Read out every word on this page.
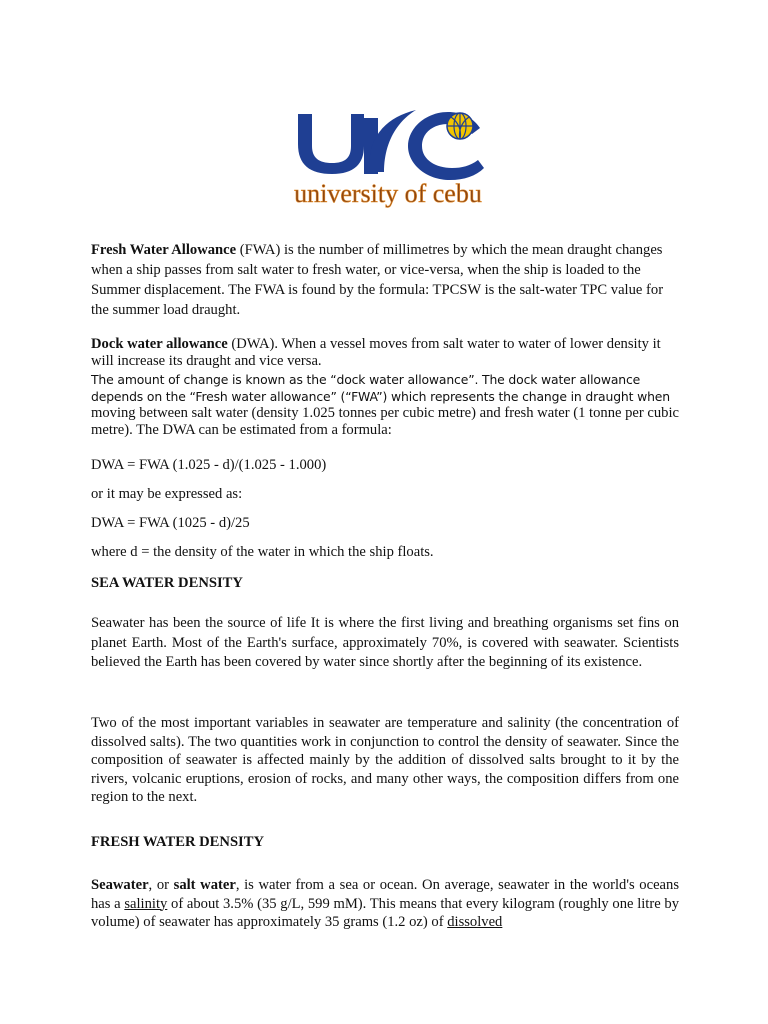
university of cebu

Fresh Water Allowance (FWA) is the number of millimetres by which the mean draught changes when a ship passes from salt water to fresh water, or vice-versa, when the ship is loaded to the Summer displacement. The FWA is found by the formula: TPCSW is the salt-water TPC value for the summer load draught.

Dock water allowance (DWA). When a vessel moves from salt water to water of lower density it will increase its draught and vice versa.

The amount of change is known as the “dock water allowance”. The dock water allowance depends on the “Fresh water allowance” (“FWA”) which represents the change in draught when

moving between salt water (density 1.025 tonnes per cubic metre) and fresh water (1 tonne per cubic metre). The DWA can be estimated from a formula:

DWA = FWA (1.025 - d)/(1.025 - 1.000)

or it may be expressed as:

DWA = FWA (1025 - d)/25

where d = the density of the water in which the ship floats.

SEA WATER DENSITY

Seawater has been the source of life It is where the first living and breathing organisms set fins on planet Earth. Most of the Earth's surface, approximately 70%, is covered with seawater. Scientists believed the Earth has been covered by water since shortly after the beginning of its existence.

Two of the most important variables in seawater are temperature and salinity (the concentration of dissolved salts). The two quantities work in conjunction to control the density of seawater. Since the composition of seawater is affected mainly by the addition of dissolved salts brought to it by the rivers, volcanic eruptions, erosion of rocks, and many other ways, the composition differs from one region to the next.

FRESH WATER DENSITY

Seawater, or salt water, is water from a sea or ocean. On average, seawater in the world's oceans has a salinity of about 3.5% (35 g/L, 599 mM). This means that every kilogram (roughly one litre by volume) of seawater has approximately 35 grams (1.2 oz) of dissolved
